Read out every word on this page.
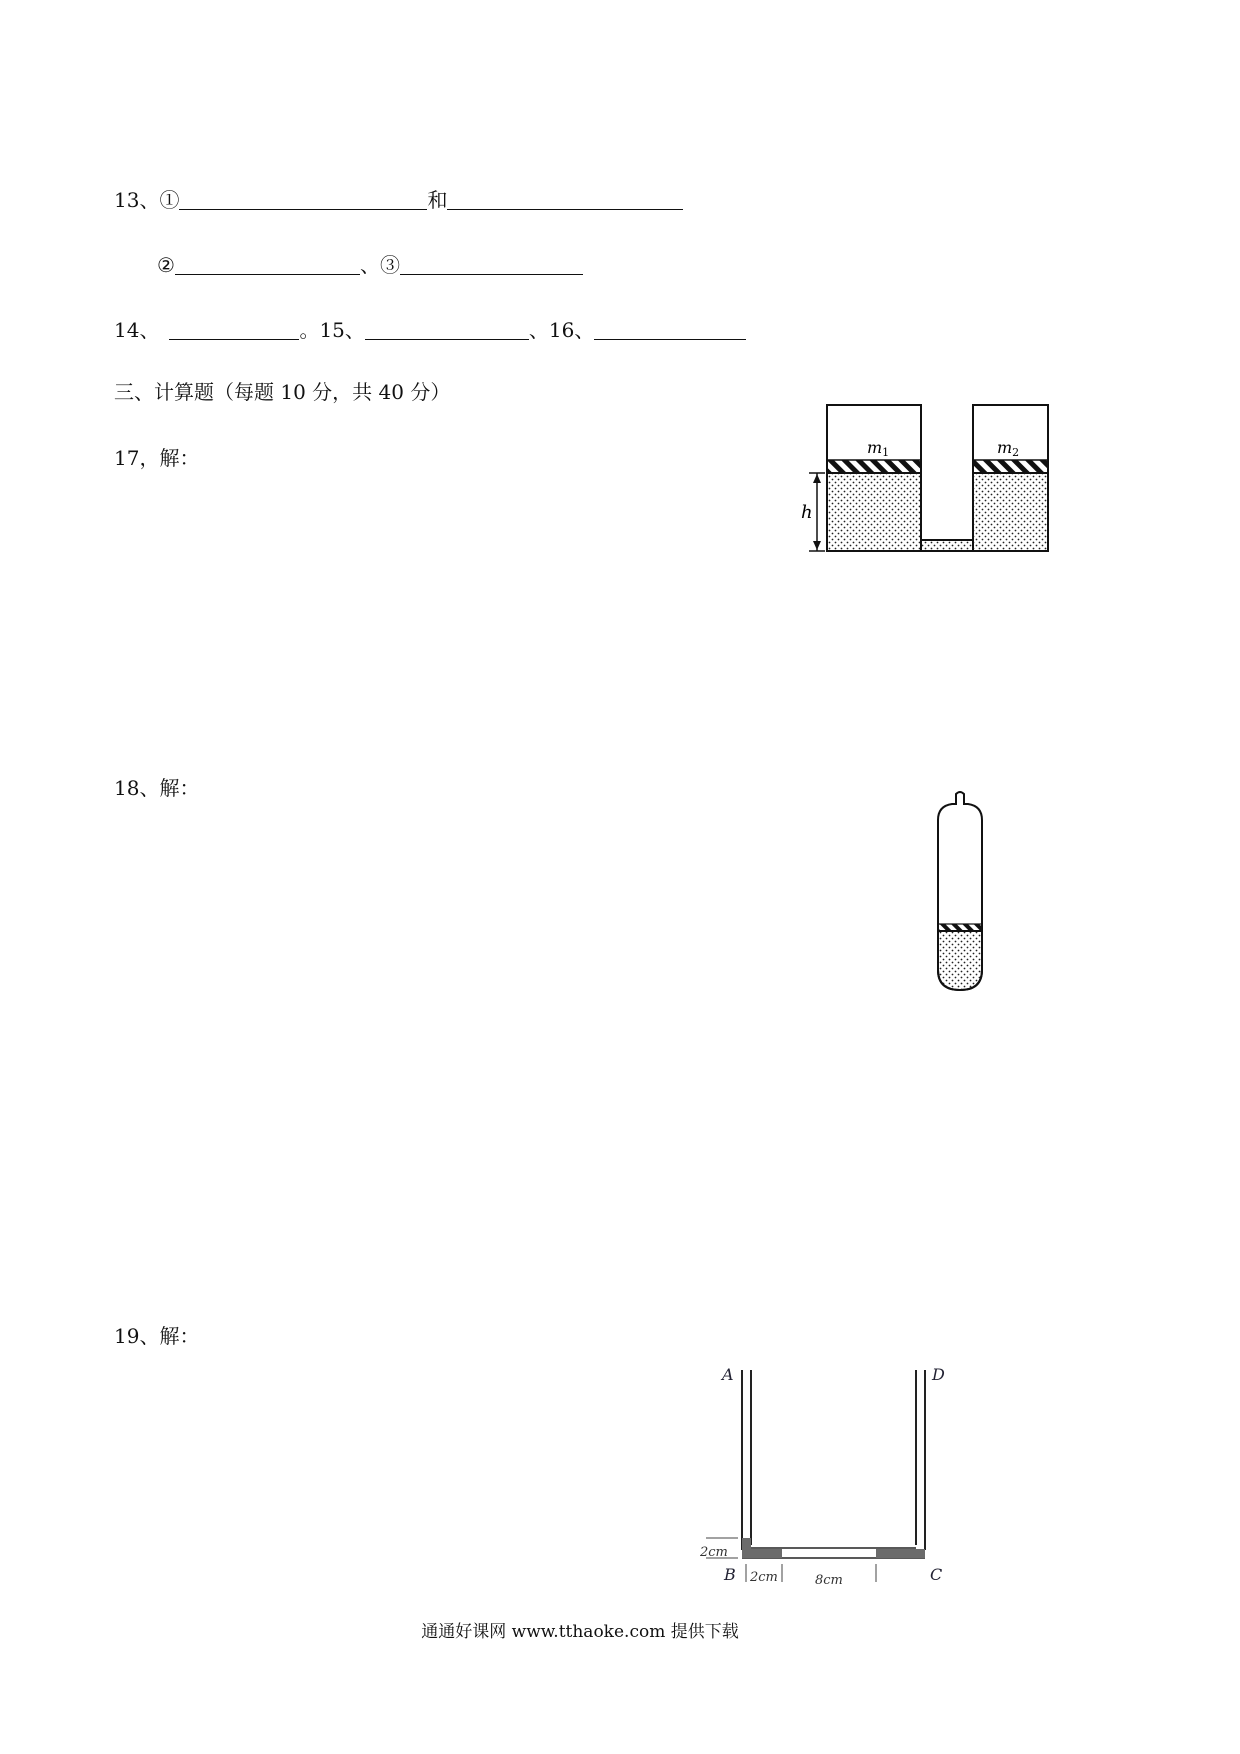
13、①	和
②	、③
14、	。15、	、16、
三、计算题（每题 10 分，共 40 分）
17，解：	m1	m2
h
18、解：
19、解：
A	D
B	C
2cm
2cm	8cm
通通好课网 www.tthaoke.com 提供下载
